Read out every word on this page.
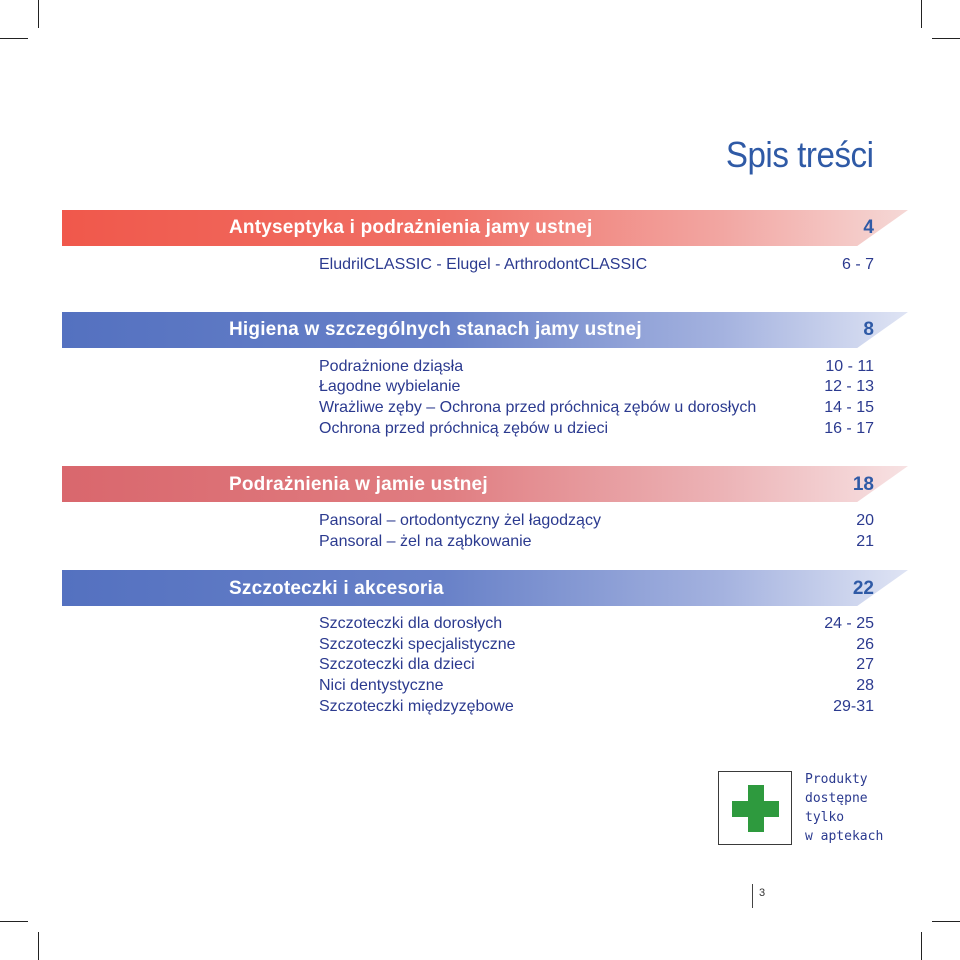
Spis treści
Antyseptyka i podrażnienia jamy ustnej	4
EludrilCLASSIC - Elugel - ArthrodontCLASSIC	6 - 7
Higiena w szczególnych stanach jamy ustnej	8
Podrażnione dziąsła	10 - 11
Łagodne wybielanie	12 - 13
Wrażliwe zęby – Ochrona przed próchnicą zębów u dorosłych	14 - 15
Ochrona przed próchnicą zębów u dzieci	16 - 17
Podrażnienia w jamie ustnej	18
Pansoral – ortodontyczny żel łagodzący	20
Pansoral – żel na ząbkowanie	21
Szczoteczki i akcesoria	22
Szczoteczki dla dorosłych	24 - 25
Szczoteczki specjalistyczne	26
Szczoteczki dla dzieci	27
Nici dentystyczne	28
Szczoteczki międzyzębowe	29-31
Produkty
dostępne
tylko
w aptekach
3
